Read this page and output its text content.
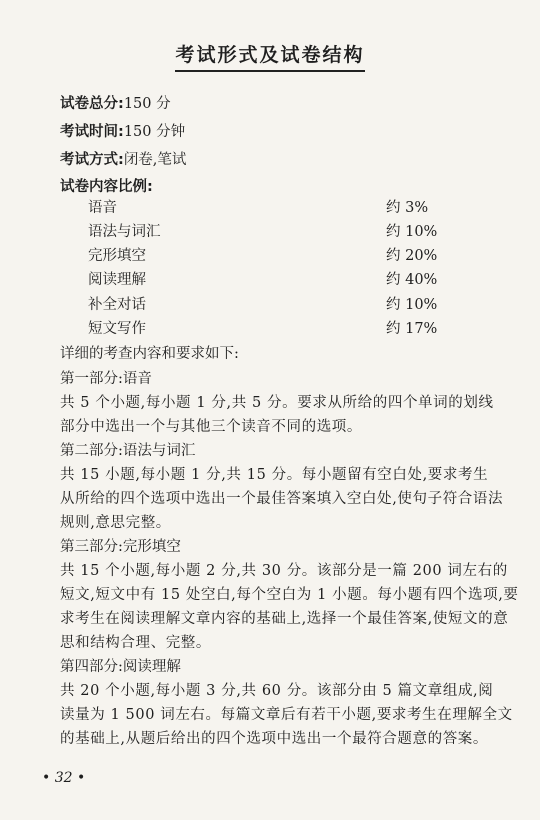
考试形式及试卷结构
试卷总分:150 分
考试时间:150 分钟
考试方式:闭卷,笔试
试卷内容比例:
语音	约 3%
语法与词汇	约 10%
完形填空	约 20%
阅读理解	约 40%
补全对话	约 10%
短文写作	约 17%
详细的考查内容和要求如下:
第一部分:语音
共 5 个小题,每小题 1 分,共 5 分。要求从所给的四个单词的划线
部分中选出一个与其他三个读音不同的选项。
第二部分:语法与词汇
共 15 小题,每小题 1 分,共 15 分。每小题留有空白处,要求考生
从所给的四个选项中选出一个最佳答案填入空白处,使句子符合语法
规则,意思完整。
第三部分:完形填空
共 15 个小题,每小题 2 分,共 30 分。该部分是一篇 200 词左右的
短文,短文中有 15 处空白,每个空白为 1 小题。每小题有四个选项,要
求考生在阅读理解文章内容的基础上,选择一个最佳答案,使短文的意
思和结构合理、完整。
第四部分:阅读理解
共 20 个小题,每小题 3 分,共 60 分。该部分由 5 篇文章组成,阅
读量为 1 500 词左右。每篇文章后有若干小题,要求考生在理解全文
的基础上,从题后给出的四个选项中选出一个最符合题意的答案。
• 32 •
